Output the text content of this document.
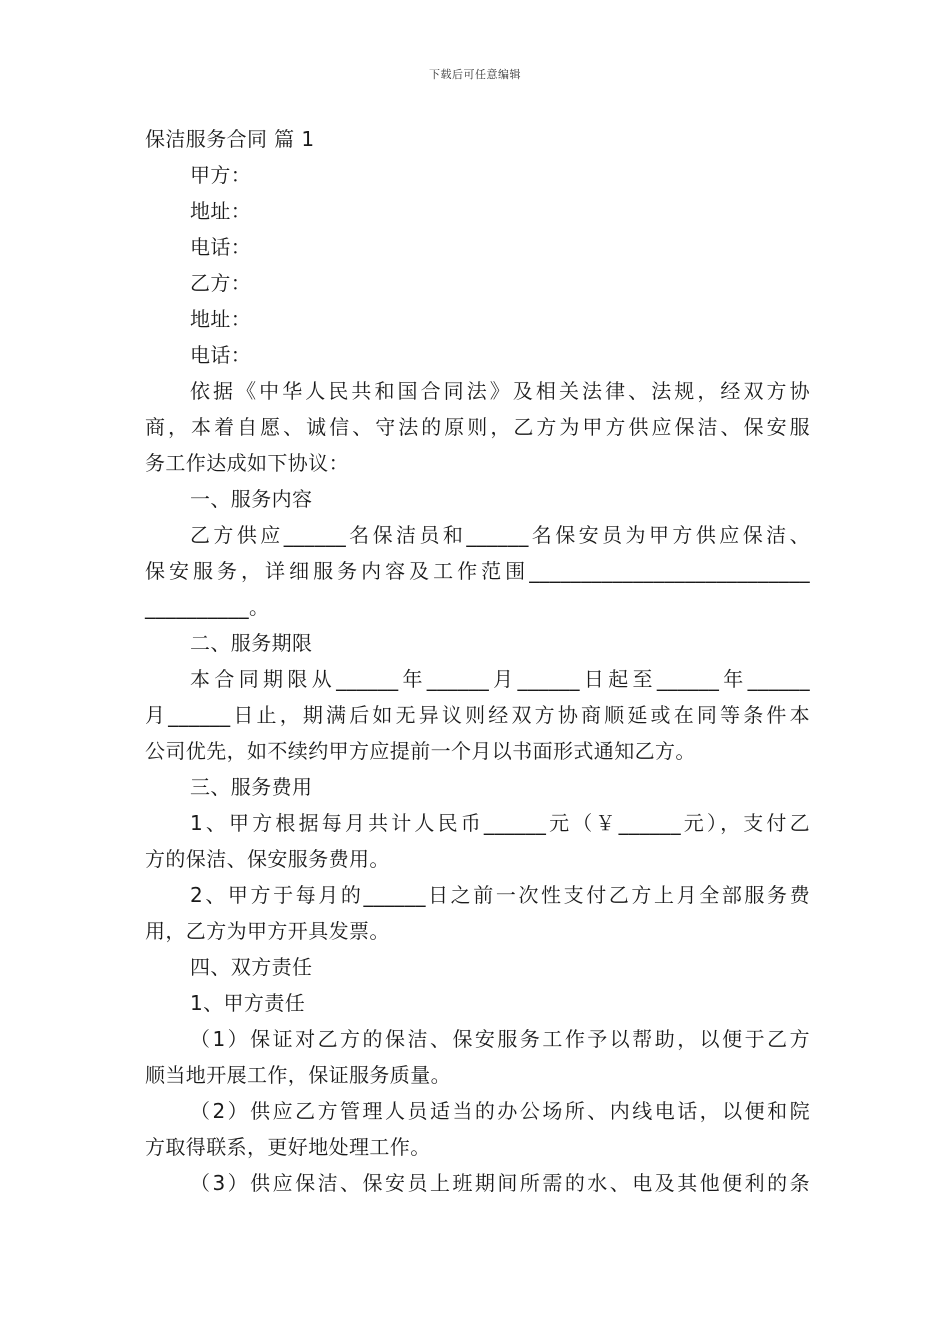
下载后可任意编辑
保洁服务合同 篇 1
甲方：
地址：
电话：
乙方：
地址：
电话：
依据《中华人民共和国合同法》及相关法律、法规，经双方协
商，本着自愿、诚信、守法的原则，乙方为甲方供应保洁、保安服
务工作达成如下协议：
一、服务内容
乙方供应______名保洁员和______名保安员为甲方供应保洁、
保安服务，详细服务内容及工作范围___________________________
__________。
二、服务期限
本合同期限从______年______月______日起至______年______
月______日止，期满后如无异议则经双方协商顺延或在同等条件本
公司优先，如不续约甲方应提前一个月以书面形式通知乙方。
三、服务费用
1、甲方根据每月共计人民币______元（￥______元），支付乙
方的保洁、保安服务费用。
2、甲方于每月的______日之前一次性支付乙方上月全部服务费
用，乙方为甲方开具发票。
四、双方责任
1、甲方责任
（1）保证对乙方的保洁、保安服务工作予以帮助，以便于乙方
顺当地开展工作，保证服务质量。
（2）供应乙方管理人员适当的办公场所、内线电话，以便和院
方取得联系，更好地处理工作。
（3）供应保洁、保安员上班期间所需的水、电及其他便利的条
